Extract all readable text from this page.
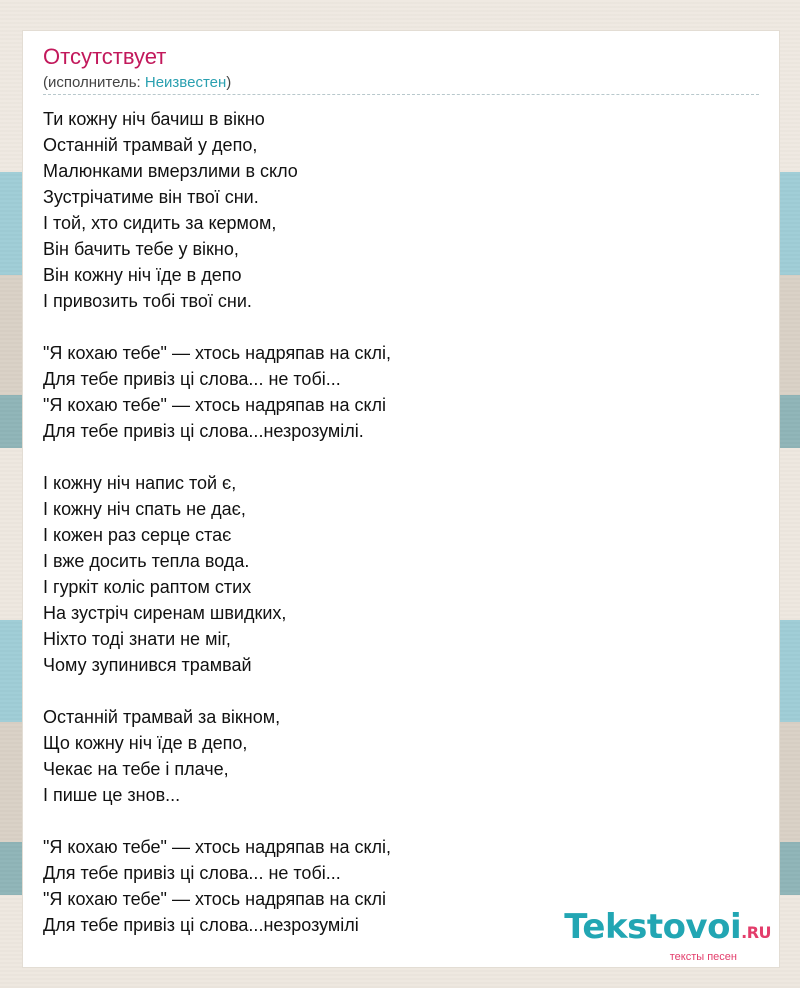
Отсутствует
(исполнитель: Неизвестен)
Ти кожну ніч бачиш в вікно
Останній трамвай у депо,
Малюнками вмерзлими в скло
Зустрічатиме він твої сни.
І той, хто сидить за кермом,
Він бачить тебе у вікно,
Він кожну ніч їде в депо
І привозить тобі твої сни.
"Я кохаю тебе" — хтось надряпав на склі,
Для тебе привіз ці слова... не тобі...
"Я кохаю тебе" — хтось надряпав на склі
Для тебе привіз ці слова...незрозумілі.
І кожну ніч напис той є,
І кожну ніч спать не дає,
І кожен раз серце стає
І вже досить тепла вода.
І гуркіт коліс раптом стих
На зустріч сиренам швидких,
Ніхто тоді знати не міг,
Чому зупинився трамвай
Останній трамвай за вікном,
Що кожну ніч їде в депо,
Чекає на тебе і плаче,
І пише це знов...
"Я кохаю тебе" — хтось надряпав на склі,
Для тебе привіз ці слова... не тобі...
"Я кохаю тебе" — хтось надряпав на склі
Для тебе привіз ці слова...незрозумілі	Tekstovoi.RU
тексты песен
